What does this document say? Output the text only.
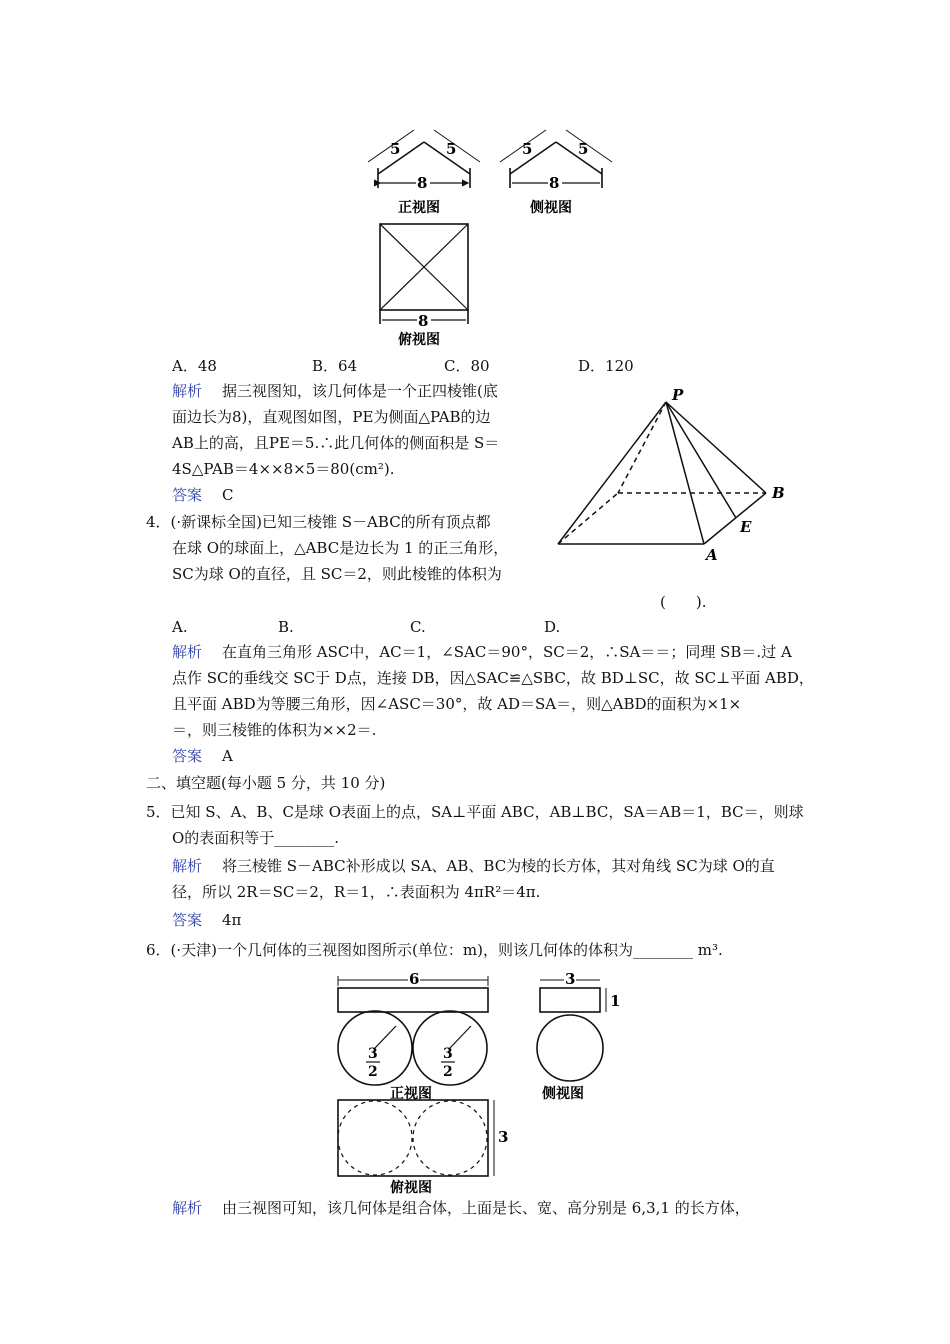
5	5
8
5	5
8
正视图	侧视图
8
俯视图
A．48	B．64	C．80	D．120
解析 据三视图知，该几何体是一个正四棱锥(底
面边长为8)，直观图如图，PE为侧面△PAB的边
AB上的高，且PE＝5.∴此几何体的侧面积是 S＝
4S△PAB＝4××8×5＝80(cm²).
答案 C
P
B
E
A
4．(·新课标全国)已知三棱锥 S－ABC的所有顶点都
在球 O的球面上，△ABC是边长为 1 的正三角形，
SC为球 O的直径，且 SC＝2，则此棱锥的体积为
(　　).
A.	B.	C.	D.
解析 在直角三角形 ASC中，AC＝1，∠SAC＝90°，SC＝2，∴SA＝＝；同理 SB＝.过 A
点作 SC的垂线交 SC于 D点，连接 DB，因△SAC≌△SBC，故 BD⊥SC，故 SC⊥平面 ABD，
且平面 ABD为等腰三角形，因∠ASC＝30°，故 AD＝SA＝，则△ABD的面积为×1×
＝，则三棱锥的体积为××2＝.
答案 A
二、填空题(每小题 5 分，共 10 分)
5．已知 S、A、B、C是球 O表面上的点，SA⊥平面 ABC，AB⊥BC，SA＝AB＝1，BC＝，则球
O的表面积等于________.
解析 将三棱锥 S－ABC补形成以 SA、AB、BC为棱的长方体，其对角线 SC为球 O的直
径，所以 2R＝SC＝2，R＝1，∴表面积为 4πR²＝4π.
答案 4π
6．(·天津)一个几何体的三视图如图所示(单位：m)，则该几何体的体积为________ m³.
6	3
1
3
2
3
2
正视图	侧视图
3
俯视图
解析 由三视图可知，该几何体是组合体，上面是长、宽、高分别是 6,3,1 的长方体，
